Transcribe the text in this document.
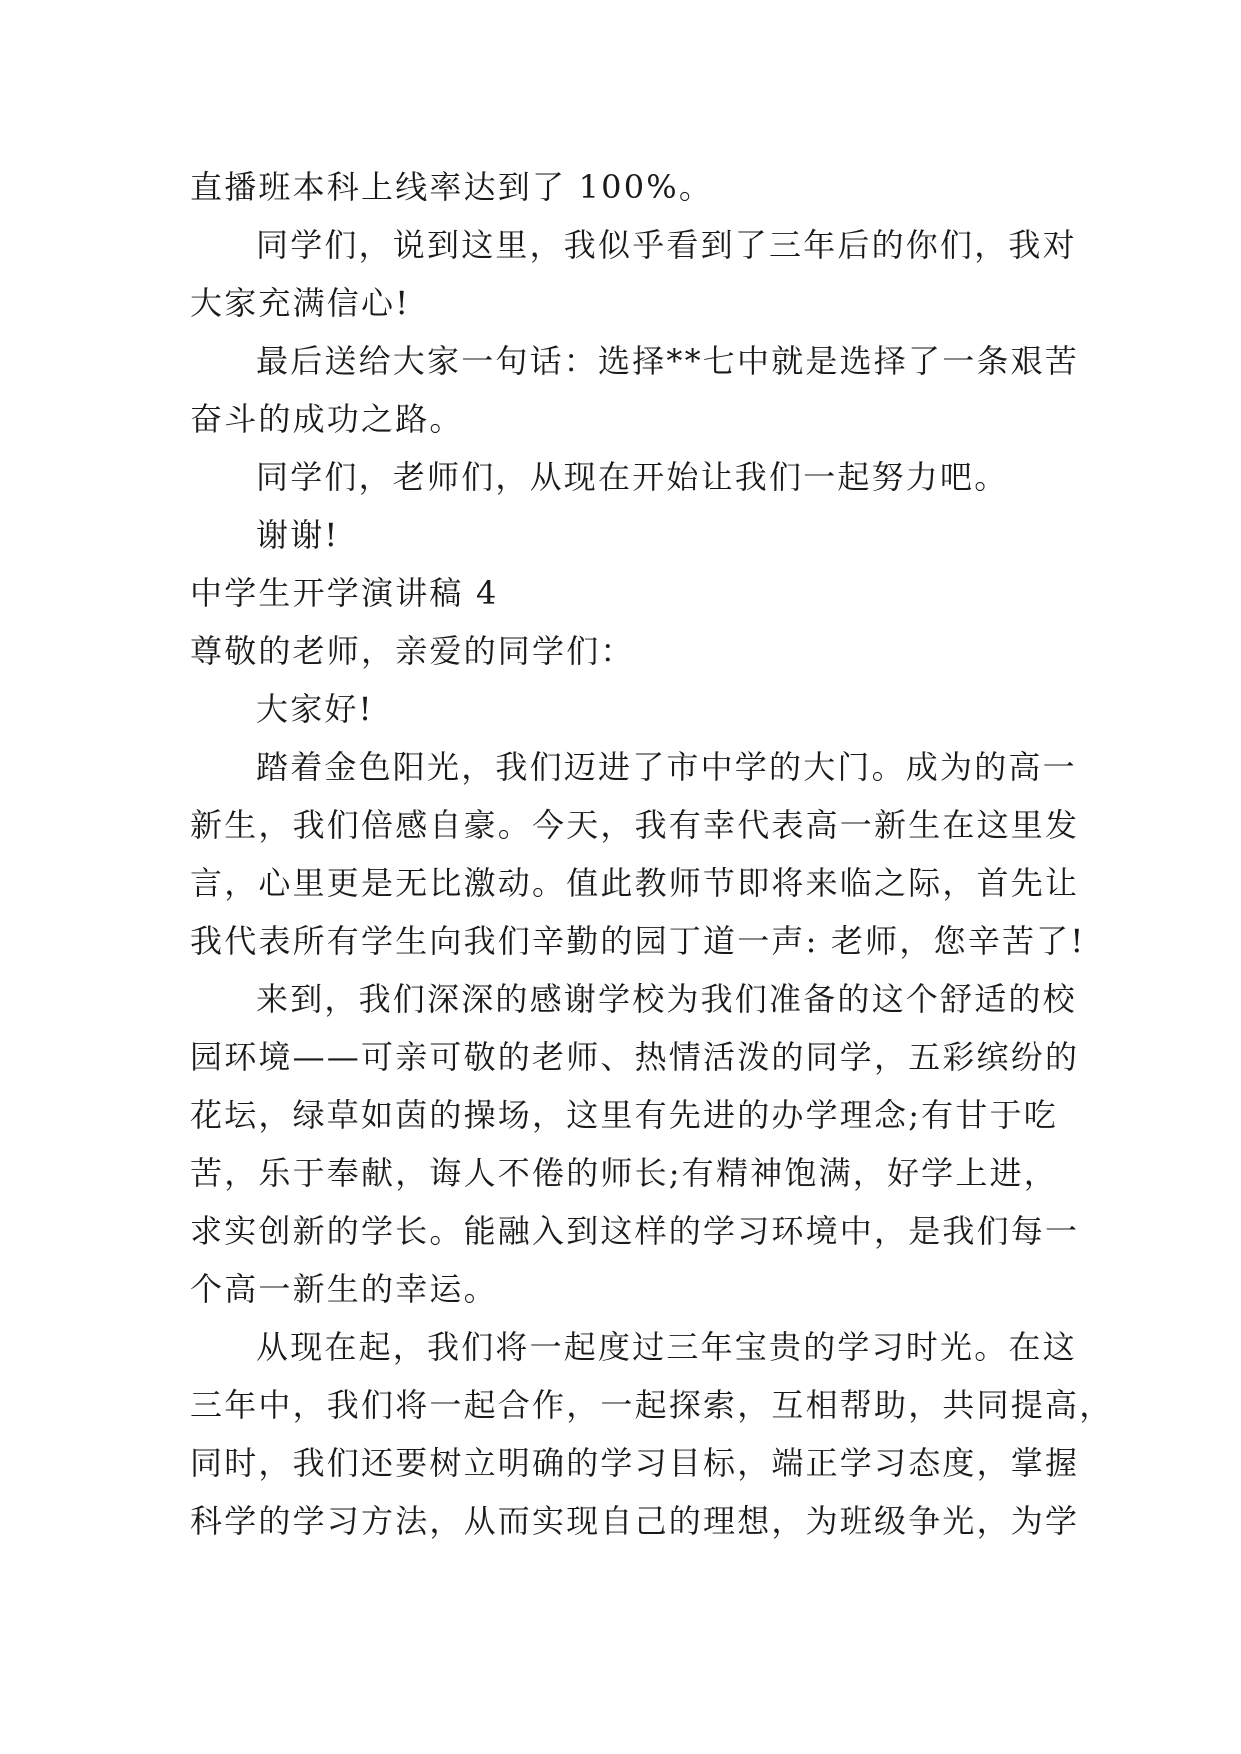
直播班本科上线率达到了 100%。
同学们，说到这里，我似乎看到了三年后的你们，我对
大家充满信心!
最后送给大家一句话：选择**七中就是选择了一条艰苦
奋斗的成功之路。
同学们，老师们，从现在开始让我们一起努力吧。
谢谢!
中学生开学演讲稿 4
尊敬的老师，亲爱的同学们：
大家好!
踏着金色阳光，我们迈进了市中学的大门。成为的高一
新生，我们倍感自豪。今天，我有幸代表高一新生在这里发
言，心里更是无比激动。值此教师节即将来临之际，首先让
我代表所有学生向我们辛勤的园丁道一声: 老师，您辛苦了!
来到，我们深深的感谢学校为我们准备的这个舒适的校
园环境——可亲可敬的老师、热情活泼的同学，五彩缤纷的
花坛，绿草如茵的操场，这里有先进的办学理念;有甘于吃
苦，乐于奉献，诲人不倦的师长;有精神饱满，好学上进，
求实创新的学长。能融入到这样的学习环境中，是我们每一
个高一新生的幸运。
从现在起，我们将一起度过三年宝贵的学习时光。在这
三年中，我们将一起合作，一起探索，互相帮助，共同提高，
同时，我们还要树立明确的学习目标，端正学习态度，掌握
科学的学习方法，从而实现自己的理想，为班级争光，为学
